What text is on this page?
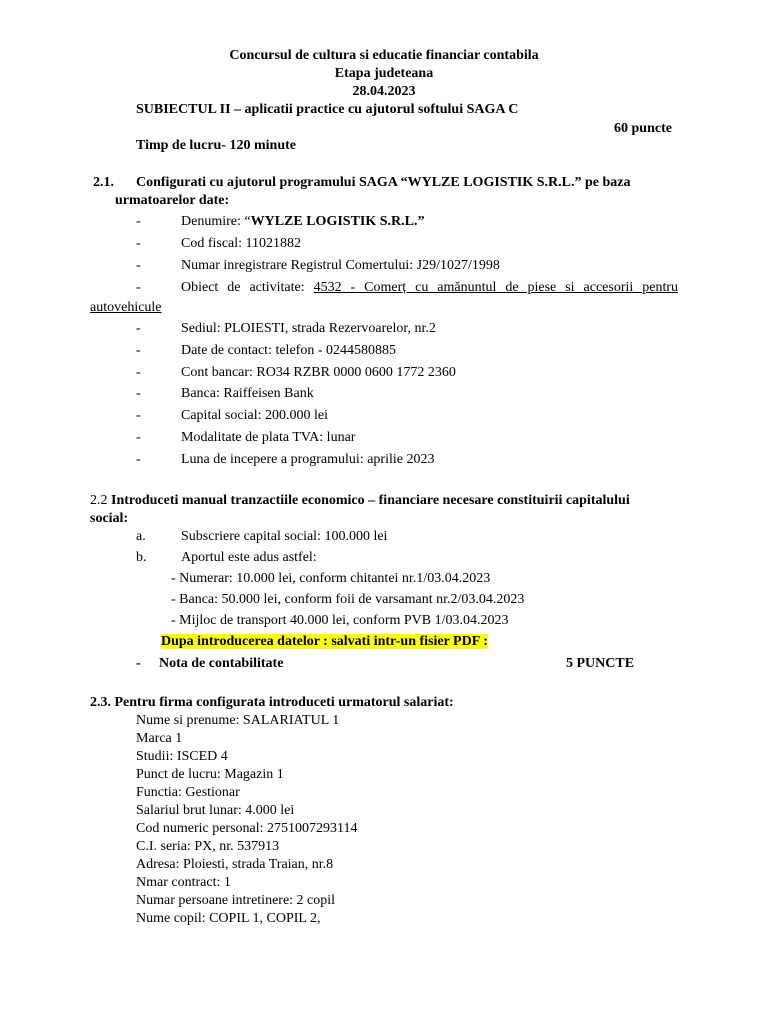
Concursul de cultura si educatie financiar contabila
Etapa judeteana
28.04.2023
SUBIECTUL II – aplicatii practice cu ajutorul softului SAGA C
60 puncte
Timp de lucru- 120 minute
2.1. Configurati cu ajutorul programului SAGA “WYLZE LOGISTIK S.R.L.” pe baza
urmatoarelor date:
-	Denumire: “WYLZE LOGISTIK S.R.L.”
-	Cod fiscal: 11021882
-	Numar inregistrare Registrul Comertului: J29/1027/1998
-	Obiect de activitate: 4532 - Comerț cu amănuntul de piese si accesorii pentru
autovehicule
-	Sediul: PLOIESTI, strada Rezervoarelor, nr.2
-	Date de contact: telefon - 0244580885
-	Cont bancar: RO34 RZBR 0000 0600 1772 2360
-	Banca: Raiffeisen Bank
-	Capital social: 200.000 lei
-	Modalitate de plata TVA: lunar
-	Luna de incepere a programului: aprilie 2023
2.2 Introduceti manual tranzactiile economico – financiare necesare constituirii capitalului
social:
a.	Subscriere capital social: 100.000 lei
b. Aportul este adus astfel:
- Numerar: 10.000 lei, conform chitantei nr.1/03.04.2023
- Banca: 50.000 lei, conform foii de varsamant nr.2/03.04.2023
- Mijloc de transport 40.000 lei, conform PVB 1/03.04.2023
Dupa introducerea datelor : salvati intr-un fisier PDF :
- Nota de contabilitate	5 PUNCTE
2.3. Pentru firma configurata introduceti urmatorul salariat:
Nume si prenume: SALARIATUL 1
Marca 1
Studii: ISCED 4
Punct de lucru: Magazin 1
Functia: Gestionar
Salariul brut lunar: 4.000 lei
Cod numeric personal: 2751007293114
C.I. seria: PX, nr. 537913
Adresa: Ploiesti, strada Traian, nr.8
Nmar contract: 1
Numar persoane intretinere: 2 copil
Nume copil: COPIL 1, COPIL 2,
